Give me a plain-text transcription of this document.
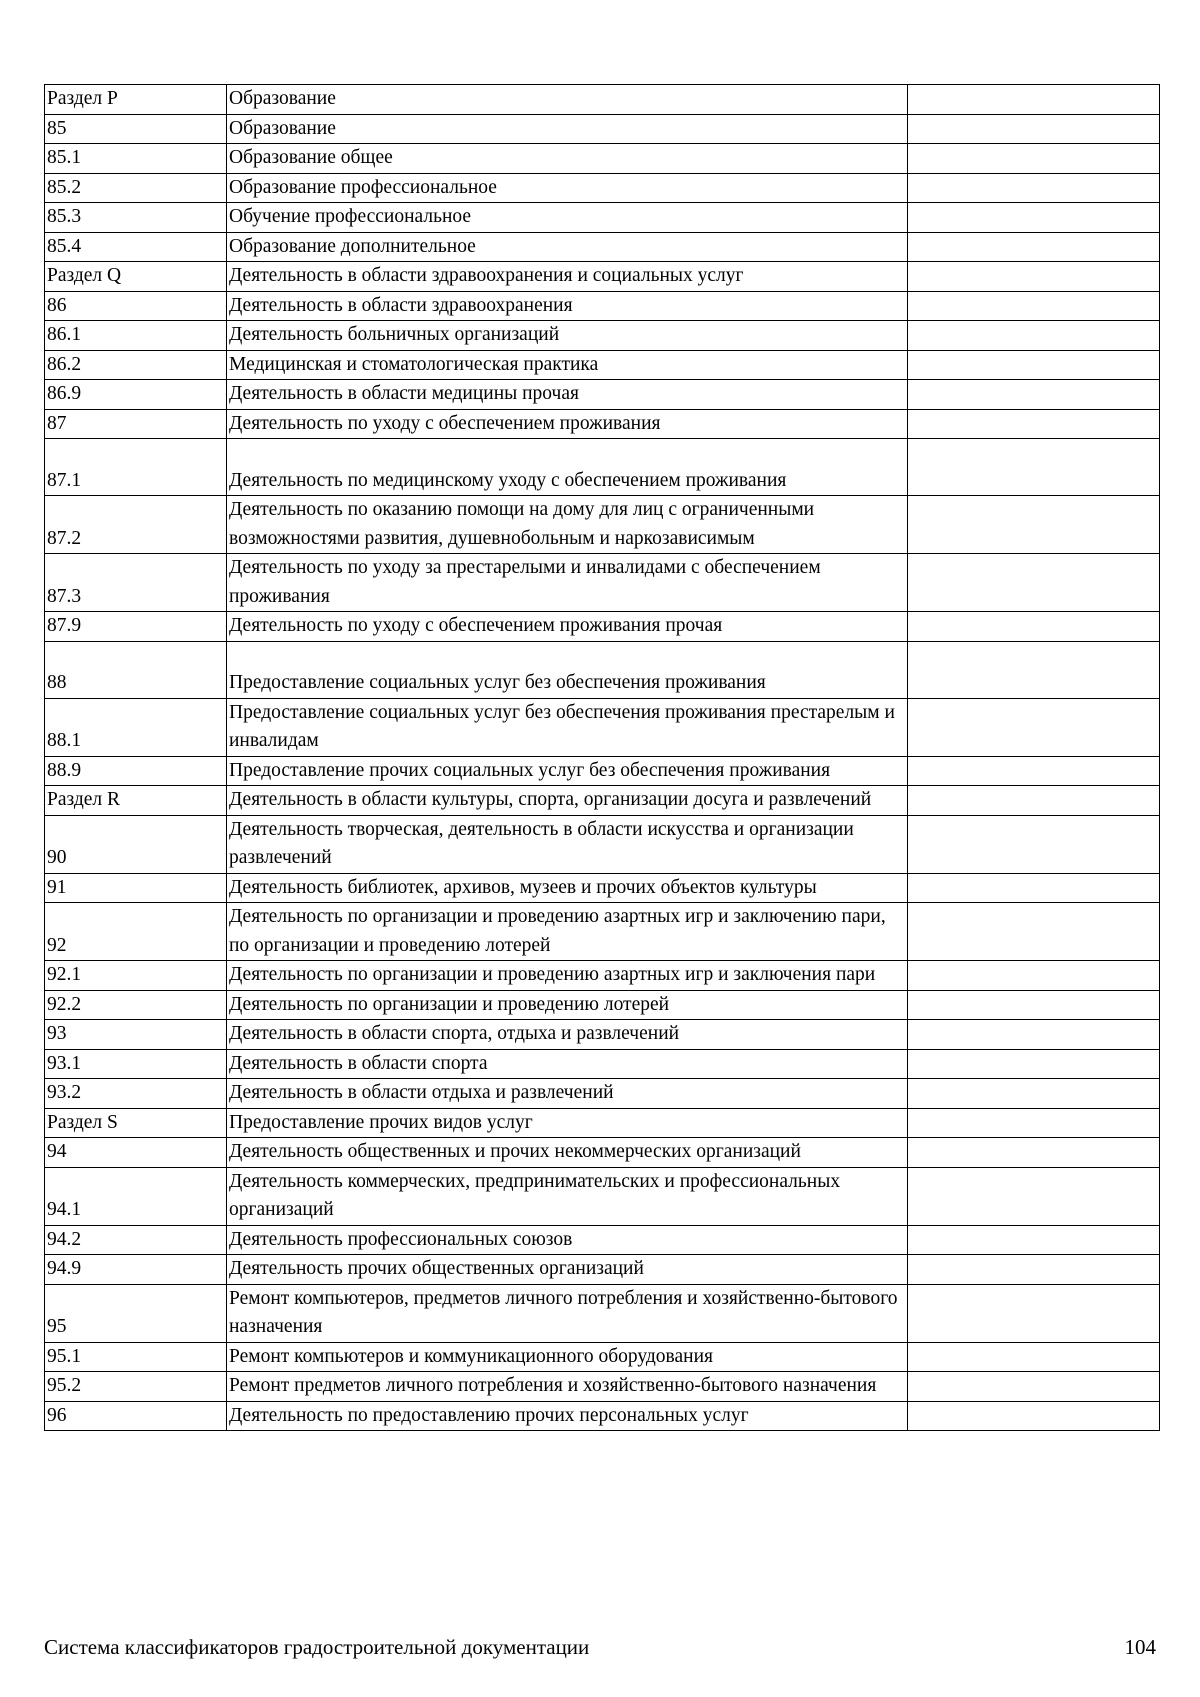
Раздел P	Образование	
85	Образование	
85.1	Образование общее	
85.2	Образование профессиональное	
85.3	Обучение профессиональное	
85.4	Образование дополнительное	
Раздел Q	Деятельность в области здравоохранения и социальных услуг	
86	Деятельность в области здравоохранения	
86.1	Деятельность больничных организаций	
86.2	Медицинская и стоматологическая практика	
86.9	Деятельность в области медицины прочая	
87	Деятельность по уходу с обеспечением проживания	
87.1	Деятельность по медицинскому уходу с обеспечением проживания	
87.2	Деятельность по оказанию помощи на дому для лиц с ограниченными возможностями развития, душевнобольным и наркозависимым	
87.3	Деятельность по уходу за престарелыми и инвалидами с обеспечением проживания	
87.9	Деятельность по уходу с обеспечением проживания прочая	
88	Предоставление социальных услуг без обеспечения проживания	
88.1	Предоставление социальных услуг без обеспечения проживания престарелым и инвалидам	
88.9	Предоставление прочих социальных услуг без обеспечения проживания	
Раздел R	Деятельность в области культуры, спорта, организации досуга и развлечений	
90	Деятельность творческая, деятельность в области искусства и организации развлечений	
91	Деятельность библиотек, архивов, музеев и прочих объектов культуры	
92	Деятельность по организации и проведению азартных игр и заключению пари, по организации и проведению лотерей	
92.1	Деятельность по организации и проведению азартных игр и заключения пари	
92.2	Деятельность по организации и проведению лотерей	
93	Деятельность в области спорта, отдыха и развлечений	
93.1	Деятельность в области спорта	
93.2	Деятельность в области отдыха и развлечений	
Раздел S	Предоставление прочих видов услуг	
94	Деятельность общественных и прочих некоммерческих организаций	
94.1	Деятельность коммерческих, предпринимательских и профессиональных организаций	
94.2	Деятельность профессиональных союзов	
94.9	Деятельность прочих общественных организаций	
95	Ремонт компьютеров, предметов личного потребления и хозяйственно-бытового назначения	
95.1	Ремонт компьютеров и коммуникационного оборудования	
95.2	Ремонт предметов личного потребления и хозяйственно-бытового назначения	
96	Деятельность по предоставлению прочих персональных услуг	
Система классификаторов градостроительной документации	104
